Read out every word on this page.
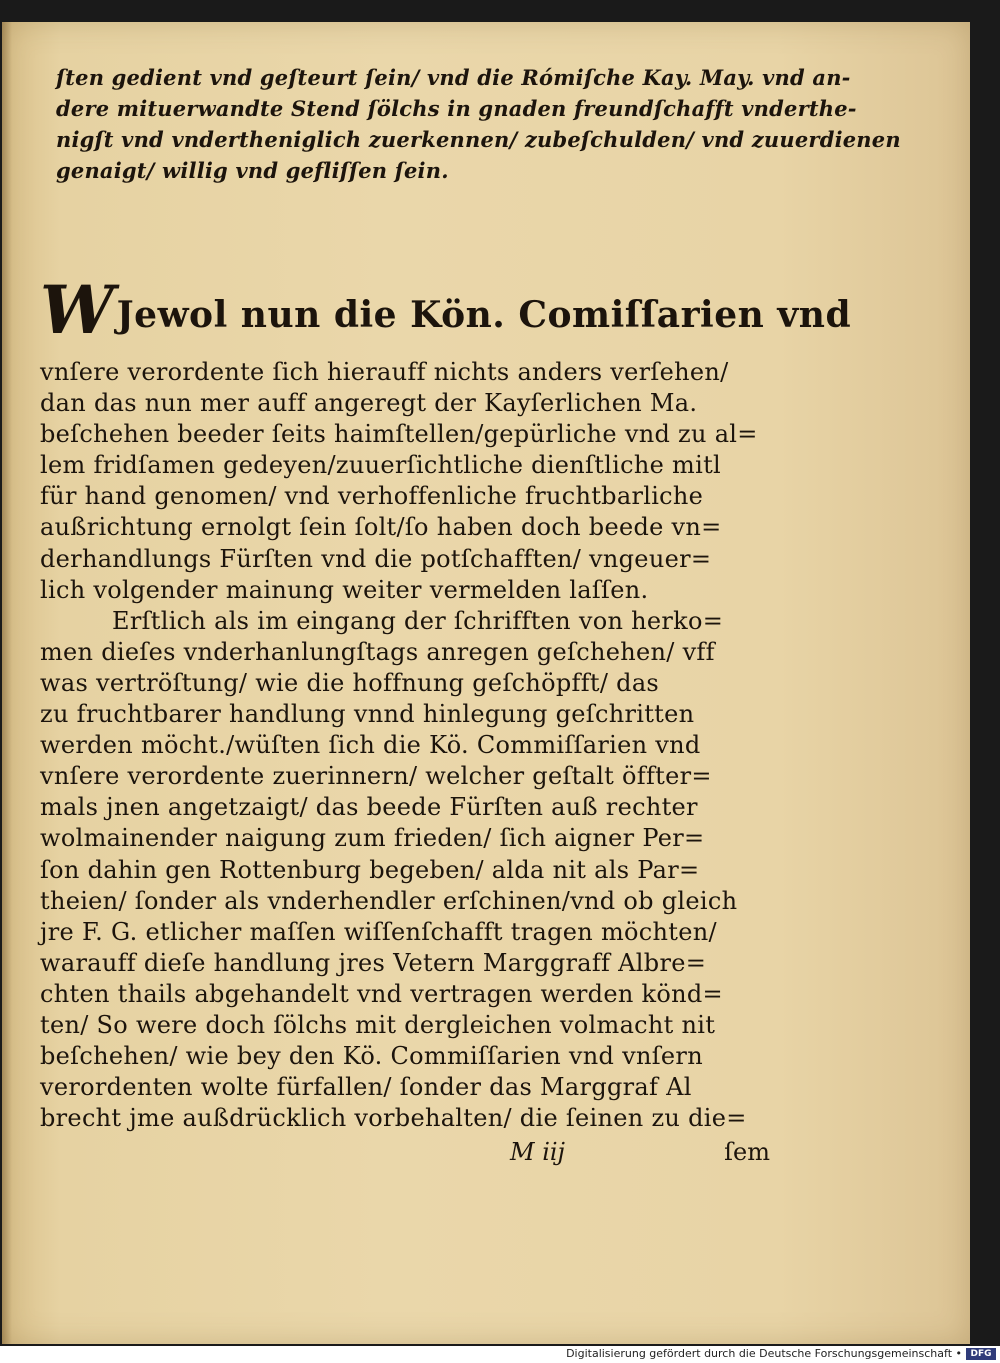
ſten gedient vnd geſteurt ſein/ vnd die Rómiſche Kay. May. vnd an-
dere mituerwandte Stend ſölchs in gnaden freundſchafft vnderthe-
nigſt vnd vndertheniglich zuerkennen/ zubeſchulden/ vnd zuuerdienen
genaigt/ willig vnd gefliſſen ſein.
WJewol nun die Kön. Comiſſarien vnd
vnſere verordente ſich hierauff nichts anders verſehen/
dan das nun mer auff angeregt der Kayſerlichen Ma.
beſchehen beeder ſeits haimſtellen/gepürliche vnd zu al=
lem fridſamen gedeyen/zuuerſichtliche dienſtliche mitl
für hand genomen/ vnd verhoffenliche fruchtbarliche
außrichtung ernolgt ſein ſolt/ſo haben doch beede vn=
derhandlungs Fürſten vnd die potſchafften/ vngeuer=
lich volgender mainung weiter vermelden laſſen.
Erſtlich als im eingang der ſchrifften von herko=
men dieſes vnderhanlungſtags anregen geſchehen/ vff
was vertröſtung/ wie die hoffnung geſchöpfft/ das
zu fruchtbarer handlung vnnd hinlegung geſchritten
werden möcht./wüſten ſich die Kö. Commiſſarien vnd
vnſere verordente zuerinnern/ welcher geſtalt öffter=
mals jnen angetzaigt/ das beede Fürſten auß rechter
wolmainender naigung zum frieden/ ſich aigner Per=
ſon dahin gen Rottenburg begeben/ alda nit als Par=
theien/ ſonder als vnderhendler erſchinen/vnd ob gleich
jre F. G. etlicher maſſen wiſſenſchafft tragen möchten/
warauff dieſe handlung jres Vetern Marggraff Albre=
chten thails abgehandelt vnd vertragen werden könd=
ten/ So were doch ſölchs mit dergleichen volmacht nit
beſchehen/ wie bey den Kö. Commiſſarien vnd vnſern
verordenten wolte fürfallen/ ſonder das Marggraf Al
brecht jme außdrücklich vorbehalten/ die ſeinen zu die=
M iij	ſem
Digitalisierung gefördert durch die Deutsche Forschungsgemeinschaft • DFG
